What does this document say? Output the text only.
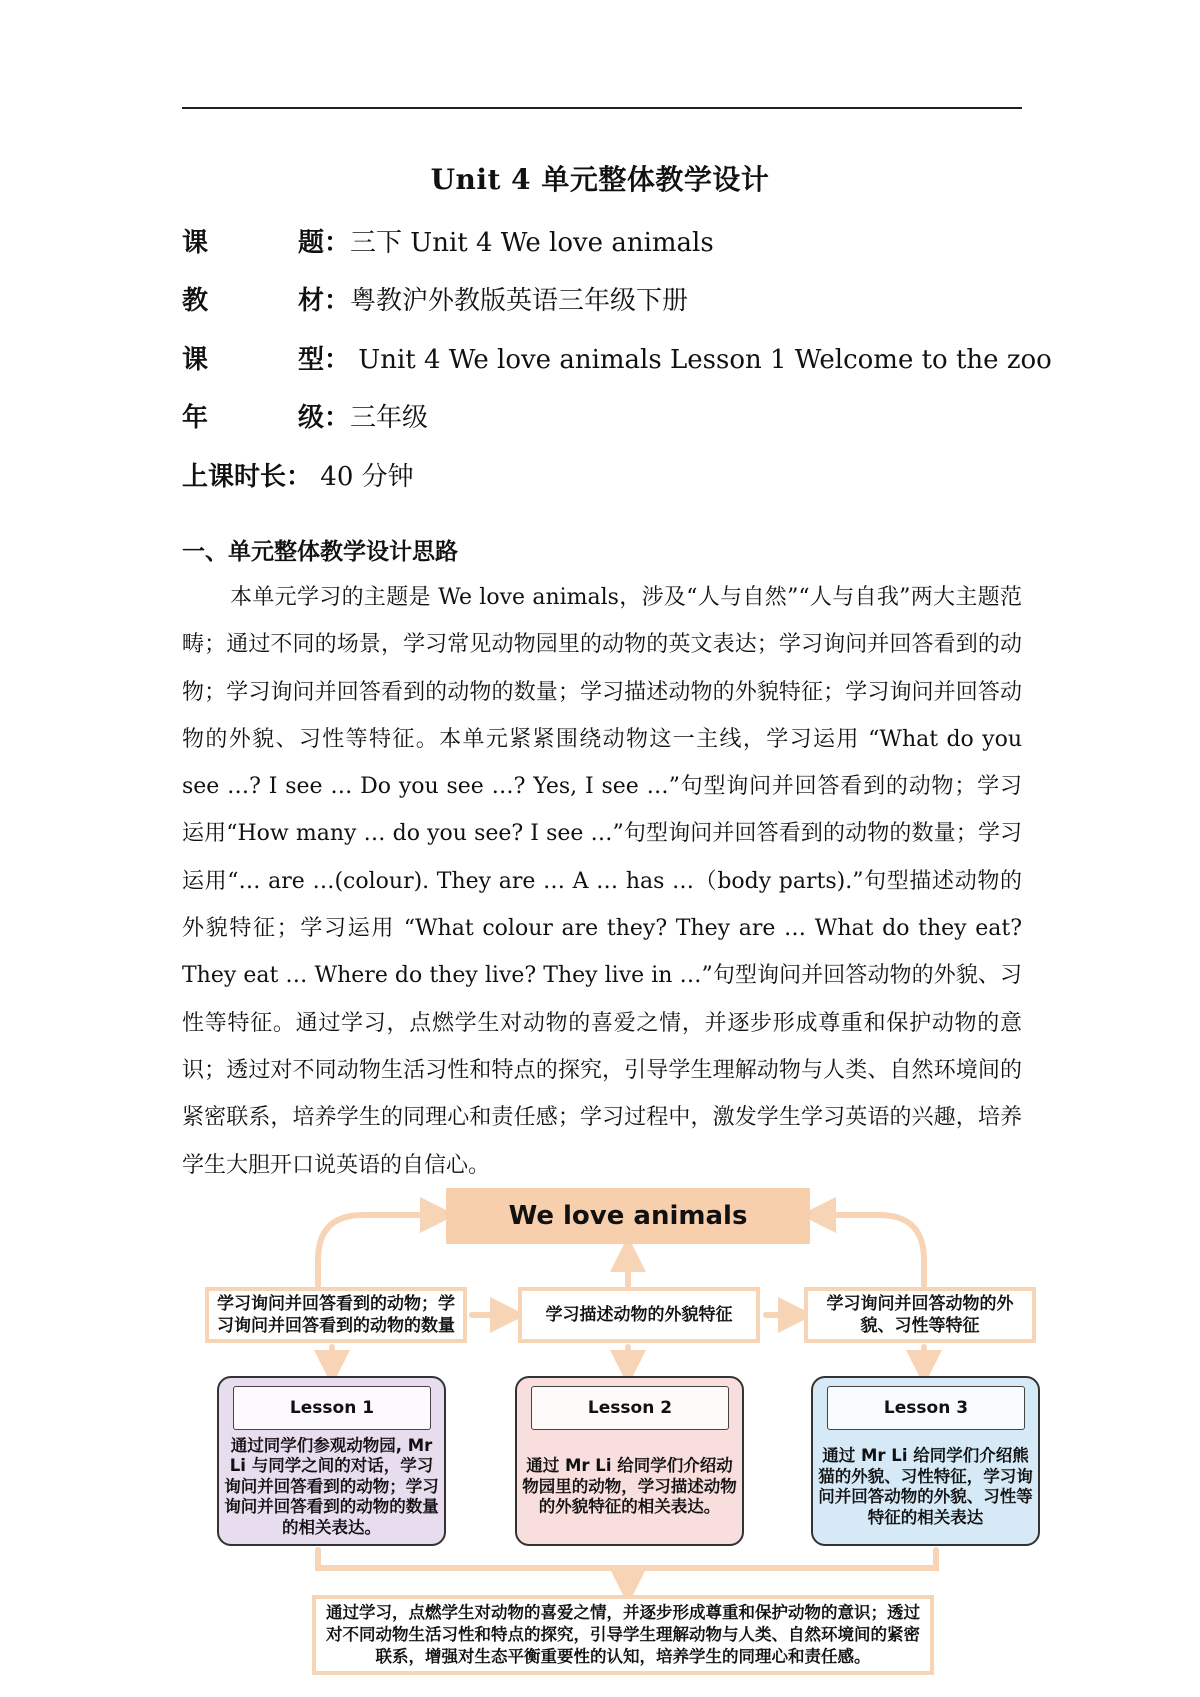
Unit 4 单元整体教学设计
课	题 ：三下 Unit 4 We love animals
教	材 ：粤教沪外教版英语三年级下册
课	型 ： Unit 4 We love animals Lesson 1 Welcome to the zoo
年	级 ：三年级
上课时长： 40 分钟
一、单元整体教学设计思路
本单元学习的主题是 We love animals，涉及“人与自然”“人与自我”两大主题范畴；通过不同的场景，学习常见动物园里的动物的英文表达；学习询问并回答看到的动物；学习询问并回答看到的动物的数量；学习描述动物的外貌特征；学习询问并回答动物的外貌、习性等特征。本单元紧紧围绕动物这一主线，学习运用 “What do you see …? I see … Do you see …? Yes, I see …”句型询问并回答看到的动物；学习运用“How many … do you see? I see …”句型询问并回答看到的动物的数量；学习运用“… are …(colour). They are … A … has …（body parts).”句型描述动物的外貌特征；学习运用 “What colour are they? They are … What do they eat? They eat … Where do they live? They live in …”句型询问并回答动物的外貌、习性等特征。通过学习，点燃学生对动物的喜爱之情，并逐步形成尊重和保护动物的意识；透过对不同动物生活习性和特点的探究，引导学生理解动物与人类、自然环境间的紧密联系，培养学生的同理心和责任感；学习过程中，激发学生学习英语的兴趣，培养学生大胆开口说英语的自信心。
We love animals
学习询问并回答看到的动物；学习询问并回答看到的动物的数量
学习描述动物的外貌特征
学习询问并回答动物的外貌、习性等特征
Lesson 1
通过同学们参观动物园, Mr Li 与同学之间的对话，学习询问并回答看到的动物；学习询问并回答看到的动物的数量的相关表达。
Lesson 2
通过 Mr Li 给同学们介绍动物园里的动物，学习描述动物的外貌特征的相关表达。
Lesson 3
通过 Mr Li 给同学们介绍熊猫的外貌、习性特征，学习询问并回答动物的外貌、习性等特征的相关表达
通过学习，点燃学生对动物的喜爱之情，并逐步形成尊重和保护动物的意识；透过对不同动物生活习性和特点的探究，引导学生理解动物与人类、自然环境间的紧密联系，增强对生态平衡重要性的认知，培养学生的同理心和责任感。
